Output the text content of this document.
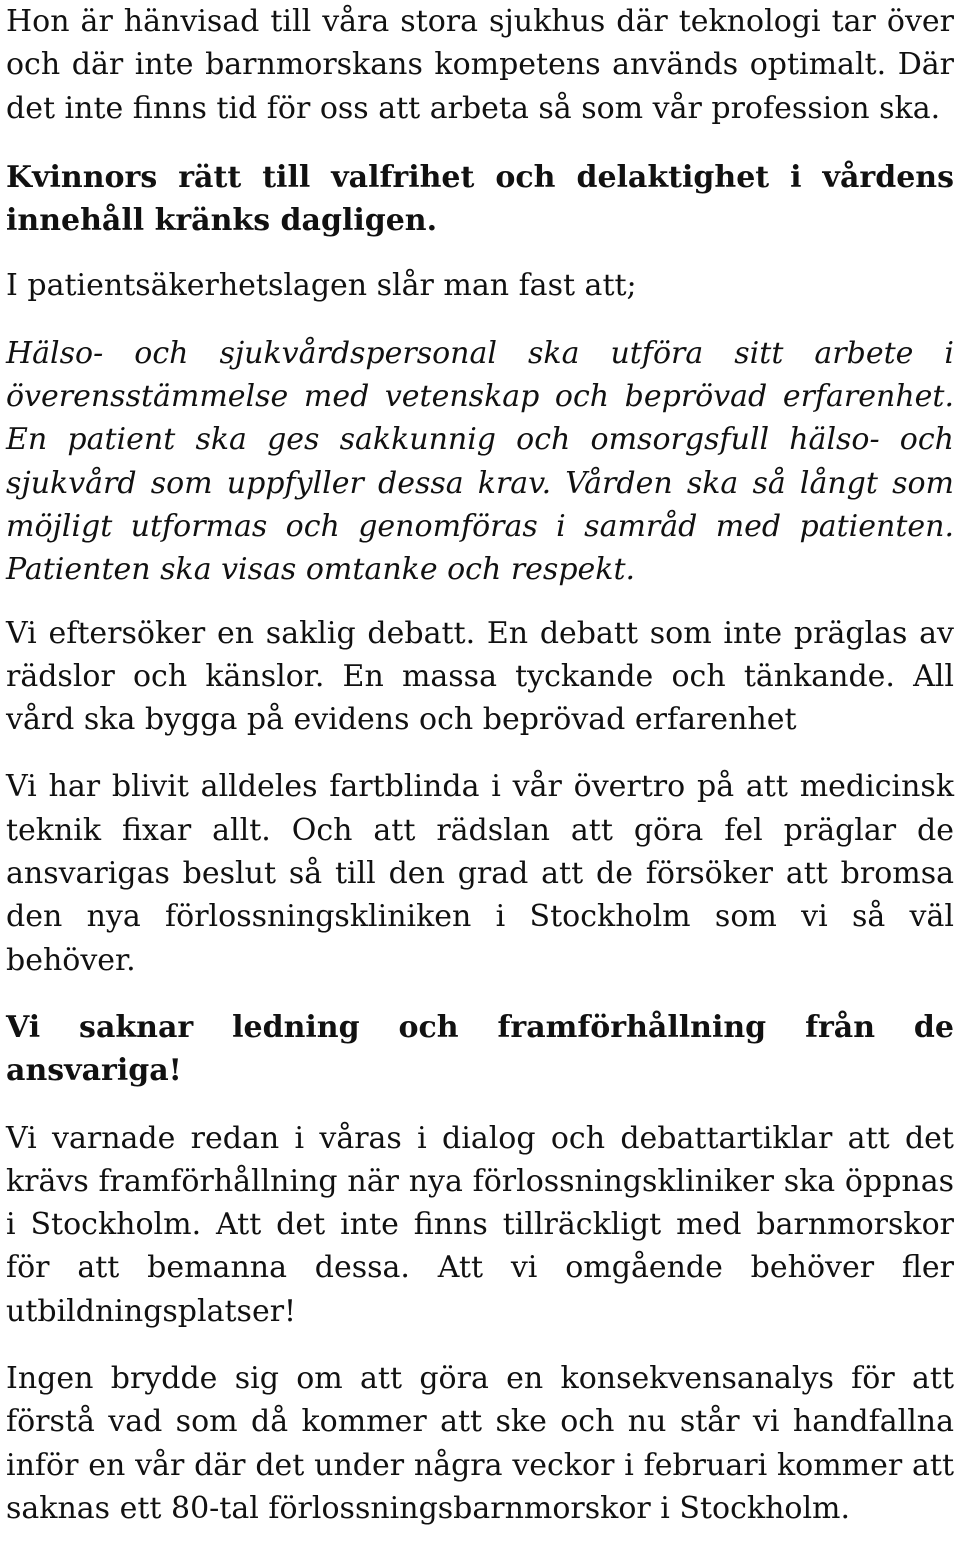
Hon är hänvisad till våra stora sjukhus där teknologi tar över och där inte barnmorskans kompetens används optimalt. Där det inte finns tid för oss att arbeta så som vår profession ska.

Kvinnors rätt till valfrihet och delaktighet i vårdens innehåll kränks dagligen.

I patientsäkerhetslagen slår man fast att;

Hälso- och sjukvårdspersonal ska utföra sitt arbete i överensstämmelse med vetenskap och beprövad erfarenhet. En patient ska ges sakkunnig och omsorgsfull hälso- och sjukvård som uppfyller dessa krav. Vården ska så långt som möjligt utformas och genomföras i samråd med patienten. Patienten ska visas omtanke och respekt.

Vi eftersöker en saklig debatt. En debatt som inte präglas av rädslor och känslor. En massa tyckande och tänkande. All vård ska bygga på evidens och beprövad erfarenhet

Vi har blivit alldeles fartblinda i vår övertro på att medicinsk teknik fixar allt. Och att rädslan att göra fel präglar de ansvarigas beslut så till den grad att de försöker att bromsa den nya förlossningskliniken i Stockholm som vi så väl behöver.

Vi saknar ledning och framförhållning från de ansvariga!

Vi varnade redan i våras i dialog och debattartiklar att det krävs framförhållning när nya förlossningskliniker ska öppnas i Stockholm. Att det inte finns tillräckligt med barnmorskor för att bemanna dessa. Att vi omgående behöver fler utbildningsplatser!

Ingen brydde sig om att göra en konsekvensanalys för att förstå vad som då kommer att ske och nu står vi handfallna inför en vår där det under några veckor i februari kommer att saknas ett 80-tal förlossningsbarnmorskor i Stockholm.
